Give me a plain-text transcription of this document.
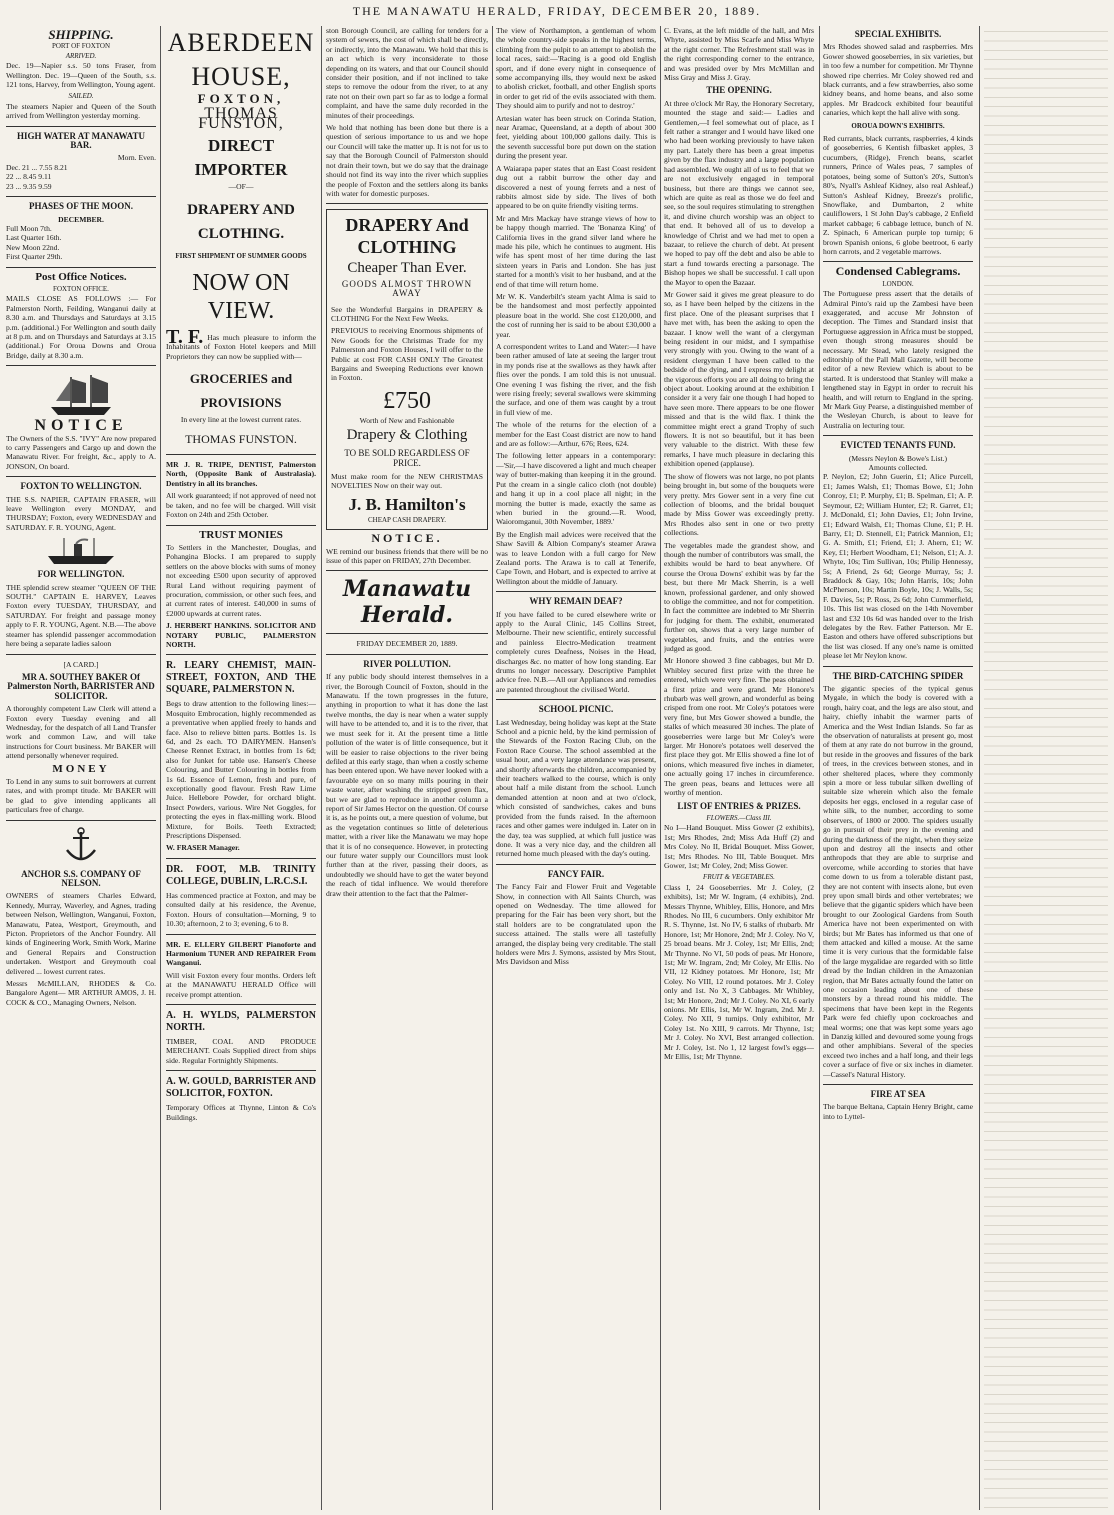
THE MANAWATU HERALD, FRIDAY, DECEMBER 20, 1889.
SHIPPING.
PORT OF FOXTON
ARRIVED.

Dec. 19—Napier s.s. 50 tons Fraser, from Wellington. Dec. 19—Queen of the South, s.s. 121 tons, Harvey, from Wellington, Young agent.

SAILED.

The steamers Napier and Queen of the South arrived from Wellington yesterday morning.

HIGH WATER AT MANAWATU BAR.
Morn. Even.
Dec. 21 ... 7.55 8.21
22 ... 8.45 9.11
23 ... 9.35 9.59
PHASES OF THE MOON.
DECEMBER.
Full Moon 7th.
Last Quarter 16th.
New Moon 22nd.
First Quarter 29th.
Post Office Notices.
FOXTON OFFICE.

MAILS CLOSE AS FOLLOWS :— For Palmerston North, Feilding, Wanganui daily at 8.30 a.m. and Thursdays and Saturdays at 3.15 p.m. (additional.) For Wellington and south daily at 8 p.m. and on Thursdays and Saturdays at 3.15 (additional.) For Oroua Downs and Oroua Bridge, daily at 8.30 a.m.

NOTICE

The Owners of the S.S. "IVY" Are now prepared to carry Passengers and Cargo up and down the Manawatu River. For freight, &c., apply to A. JONSON, On board.

FOXTON TO WELLINGTON.

THE S.S. NAPIER, CAPTAIN FRASER, will leave Wellington every MONDAY, and THURSDAY; Foxton, every WEDNESDAY and SATURDAY. F. R. YOUNG, Agent.

FOR WELLINGTON.

THE splendid screw steamer "QUEEN OF THE SOUTH." CAPTAIN E. HARVEY, Leaves Foxton every TUESDAY, THURSDAY, and SATURDAY. For freight and passage money apply to F. R. YOUNG, Agent. N.B.—The above steamer has splendid passenger accommodation here being a separate ladies saloon

[A CARD.]
MR A. SOUTHEY BAKER Of Palmerston North, BARRISTER AND SOLICITOR.

A thoroughly competent Law Clerk will attend a Foxton every Tuesday evening and all Wednesday, for the despatch of all Land Transfer work and common Law, and will take instructions for Court business. Mr BAKER will attend personally whenever required.

MONEY

To Lend in any sums to suit borrowers at current rates, and with prompt titude. Mr BAKER will be glad to give intending applicants all particulars free of charge.

ANCHOR S.S. COMPANY OF NELSON.

OWNERS of steamers Charles Edward, Kennedy, Murray, Waverley, and Agnes, trading between Nelson, Wellington, Wanganui, Foxton, Manawatu, Patea, Westport, Greymouth, and Picton. Proprietors of the Anchor Foundry. All kinds of Engineering Work, Smith Work, Marine and General Repairs and Construction undertaken. Westport and Greymouth coal delivered ... lowest current rates.

Messrs McMILLAN, RHODES & Co. Bangalore Agent— MR ARTHUR AMOS, J. H. COCK & CO., Managing Owners, Nelson.

ABERDEEN HOUSE,
FOXTON,
THOMAS FUNSTON,
DIRECT IMPORTER
—OF—
DRAPERY AND CLOTHING.
FIRST SHIPMENT OF SUMMER GOODS
NOW ON VIEW.
T. F. Has much pleasure to inform the Inhabitants of Foxton Hotel keepers and Mill Proprietors they can now be supplied with—

GROCERIES and PROVISIONS
In every line at the lowest current rates.
THOMAS FUNSTON.

MR J. R. TRIPE, DENTIST, Palmerston North, (Opposite Bank of Australasia). Dentistry in all its branches.

All work guaranteed; if not approved of need not be taken, and no fee will be charged. Will visit Foxton on 24th and 25th October.

TRUST MONIES

To Settlers in the Manchester, Douglas, and Pohangina Blocks. I am prepared to supply settlers on the above blocks with sums of money not exceeding £500 upon security of approved Rural Land without requiring payment of procuration, commission, or other such fees, and at current rates of interest. £40,000 in sums of £2000 upwards at current rates.

J. HERBERT HANKINS. SOLICITOR AND NOTARY PUBLIC, PALMERSTON NORTH.

R. LEARY CHEMIST, MAIN-STREET, FOXTON, AND THE SQUARE, PALMERSTON N.

Begs to draw attention to the following lines:— Mosquito Embrocation, highly recommended as a preventative when applied freely to hands and face. Also to relieve bitten parts. Bottles 1s. 1s 6d, and 2s each. TO DAIRYMEN. Hansen's Cheese Rennet Extract, in bottles from 1s 6d; also for Junket for table use. Hansen's Cheese Colouring, and Butter Colouring in bottles from 1s 6d. Essence of Lemon, fresh and pure, of exceptionally good flavour. Fresh Raw Lime Juice. Hellebore Powder, for orchard blight. Insect Powders, various. Wire Net Goggles, for protecting the eyes in flax-milling work. Blood Mixture, for Boils. Teeth Extracted; Prescriptions Dispensed.

W. FRASER Manager.

DR. FOOT, M.B. TRINITY COLLEGE, DUBLIN, L.R.C.S.I.

Has commenced practice at Foxton, and may be consulted daily at his residence, the Avenue, Foxton. Hours of consultation—Morning, 9 to 10.30; afternoon, 2 to 3; evening, 6 to 8.

MR. E. ELLERY GILBERT Pianoforte and Harmonium TUNER AND REPAIRER From Wanganui.

Will visit Foxton every four months. Orders left at the MANAWATU HERALD Office will receive prompt attention.

A. H. WYLDS, PALMERSTON NORTH.

TIMBER, COAL AND PRODUCE MERCHANT. Coals Supplied direct from ships side. Regular Fortnightly Shipments.

A. W. GOULD, BARRISTER AND SOLICITOR, FOXTON.

Temporary Offices at Thynne, Linton & Co's Buildings.

ston Borough Council, are calling for tenders for a system of sewers, the cost of which shall be directly, or indirectly, into the Manawatu. We hold that this is an act which is very inconsiderate to those depending on its waters, and that our Council should consider their position, and if not inclined to take steps to remove the odour from the river, to at any rate not on their own part so far as to lodge a formal complaint, and have the same duly recorded in the minutes of their proceedings.

We hold that nothing has been done but there is a question of serious importance to us and we hope our Council will take the matter up. It is not for us to say that the Borough Council of Palmerston should not drain their town, but we do say that the drainage should not find its way into the river which supplies the people of Foxton and the settlers along its banks with water for domestic purposes.

DRAPERY And CLOTHING
Cheaper Than Ever.
GOODS ALMOST THROWN AWAY

See the Wonderful Bargains in DRAPERY & CLOTHING For the Next Few Weeks.

PREVIOUS to receiving Enormous shipments of New Goods for the Christmas Trade for my Palmerston and Foxton Houses, I will offer to the Public at cost FOR CASH ONLY The Greatest Bargains and Sweeping Reductions ever known in Foxton.

£750
Worth of New and Fashionable
Drapery & Clothing
TO BE SOLD REGARDLESS OF PRICE.

Must make room for the NEW CHRISTMAS NOVELTIES Now on their way out.

J. B. Hamilton's
CHEAP CASH DRAPERY.
NOTICE.

WE remind our business friends that there will be no issue of this paper on FRIDAY, 27th December.

Manawatu Herald.
FRIDAY DECEMBER 20, 1889.
RIVER POLLUTION.

If any public body should interest themselves in a river, the Borough Council of Foxton, should in the Manawatu. If the town progresses in the future, anything in proportion to what it has done the last twelve months, the day is near when a water supply will have to be attended to, and it is to the river, that we must seek for it. At the present time a little pollution of the water is of little consequence, but it will be easier to raise objections to the river being defiled at this early stage, than when a costly scheme has been entered upon. We have never looked with a favourable eye on so many mills pouring in their waste water, after washing the stripped green flax, but we are glad to reproduce in another column a report of Sir James Hector on the question. Of course it is, as he points out, a mere question of volume, but as the vegetation continues so little of deleterious matter, with a river like the Manawatu we may hope that it is of no consequence. However, in protecting our future water supply our Councillors must look further than at the river, passing their doors, as undoubtedly we should have to get the water beyond the reach of tidal influence. We would therefore draw their attention to the fact that the Palmer-

The view of Northampton, a gentleman of whom the whole country-side speaks in the highest terms, climbing from the pulpit to an attempt to abolish the local races, said:—'Racing is a good old English sport, and if done every night in consequence of some accompanying ills, they would next be asked to abolish cricket, football, and other English sports in order to get rid of the evils associated with them. They should aim to purify and not to destroy.'

Artesian water has been struck on Corinda Station, near Aramac, Queensland, at a depth of about 300 feet, yielding about 100,000 gallons daily. This is the seventh successful bore put down on the station during the present year.

A Waiarapa paper states that an East Coast resident dug out a rabbit burrow the other day and discovered a nest of young ferrets and a nest of rabbits almost side by side. The lives of both appeared to be on quite friendly visiting terms.

Mr and Mrs Mackay have strange views of how to be happy though married. The 'Bonanza King' of California lives in the grand silver land where he made his pile, which he continues to augment. His wife has spent most of her time during the last sixteen years in Paris and London. She has just started for a month's visit to her husband, and at the end of that time will return home.

Mr W. K. Vanderbilt's steam yacht Alma is said to be the handsomest and most perfectly appointed pleasure boat in the world. She cost £120,000, and the cost of running her is said to be about £30,000 a year.

A correspondent writes to Land and Water:—I have been rather amused of late at seeing the larger trout in my ponds rise at the swallows as they hawk after flies over the ponds. I am told this is not unusual. One evening I was fishing the river, and the fish were rising freely; several swallows were skimming the surface, and one of them was caught by a trout in full view of me.

The whole of the returns for the election of a member for the East Coast district are now to hand and are as follow:—Arthur, 676; Rees, 624.

The following letter appears in a contemporary:—'Sir,—I have discovered a light and much cheaper way of butter-making than keeping it in the ground. Put the cream in a single calico cloth (not double) and hang it up in a cool place all night; in the morning the butter is made, exactly the same as when buried in the ground.—R. Wood, Waioromganui, 30th November, 1889.'

By the English mail advices were received that the Shaw Savill & Albion Company's steamer Arawa was to leave London with a full cargo for New Zealand ports. The Arawa is to call at Tenerife, Cape Town, and Hobart, and is expected to arrive at Wellington about the middle of January.

WHY REMAIN DEAF?

If you have failed to be cured elsewhere write or apply to the Aural Clinic, 145 Collins Street, Melbourne. Their new scientific, entirely successful and painless Electro-Medication treatment completely cures Deafness, Noises in the Head, discharges &c. no matter of how long standing. Ear drums no longer necessary. Descriptive Pamphlet advice free. N.B.—All our Appliances and remedies are patented throughout the civilised World.

SCHOOL PICNIC.

Last Wednesday, being holiday was kept at the State School and a picnic held, by the kind permission of the Stewards of the Foxton Racing Club, on the Foxton Race Course. The school assembled at the usual hour, and a very large attendance was present, and shortly afterwards the children, accompanied by their teachers walked to the course, which is only about half a mile distant from the school. Lunch demanded attention at noon and at two o'clock, which consisted of sandwiches, cakes and buns provided from the funds raised. In the afternoon races and other games were indulged in. Later on in the day, tea was supplied, at which full justice was done. It was a very nice day, and the children all returned home much pleased with the day's outing.

FANCY FAIR.

The Fancy Fair and Flower Fruit and Vegetable Show, in connection with All Saints Church, was opened on Wednesday. The time allowed for preparing for the Fair has been very short, but the stall holders are to be congratulated upon the success attained. The stalls were all tastefully arranged, the display being very creditable. The stall holders were Mrs J. Symons, assisted by Mrs Stout, Mrs Davidson and Miss

C. Evans, at the left middle of the hall, and Mrs Whyte, assisted by Miss Scarfe and Miss Whyte at the right corner. The Refreshment stall was in the right corresponding corner to the entrance, and was presided over by Mrs McMillan and Miss Gray and Miss J. Gray.

THE OPENING.

At three o'clock Mr Ray, the Honorary Secretary, mounted the stage and said:— Ladies and Gentlemen,—I feel somewhat out of place, as I felt rather a stranger and I would have liked one who had been working previously to have taken my part. Lately there has been a great impetus given by the flax industry and a large population had assembled. We ought all of us to feel that we are not exclusively engaged in temporal business, but there are things we cannot see, which are quite as real as those we do feel and see, so the soul requires stimulating to strengthen it, and divine church worship was an object to that end. It behoved all of us to develop a knowledge of Christ and we had met to open a bazaar, to relieve the church of debt. At present we hoped to pay off the debt and also be able to start a fund towards erecting a parsonage. The Bishop hopes we shall be successful. I call upon the Mayor to open the Bazaar.

Mr Gower said it gives me great pleasure to do so, as I have been helped by the citizens in the first place. One of the pleasant surprises that I have met with, has been the asking to open the bazaar. I know well the want of a clergyman being resident in our midst, and I sympathise very strongly with you. Owing to the want of a resident clergyman I have been called to the bedside of the dying, and I express my delight at the vigorous efforts you are all doing to bring the object about. Looking around at the exhibition I consider it a very fair one though I had hoped to have seen more. There appears to be one flower missed and that is the wild flax. I think the committee might erect a grand Trophy of such flowers. It is not so beautiful, but it has been very valuable to the district. With these few remarks, I have much pleasure in declaring this exhibition opened (applause).

The show of flowers was not large, no pot plants being brought in, but some of the bouquets were very pretty. Mrs Gower sent in a very fine cut collection of blooms, and the bridal bouquet made by Miss Gower was exceedingly pretty. Mrs Rhodes also sent in one or two pretty collections.

The vegetables made the grandest show, and though the number of contributors was small, the exhibits would be hard to beat anywhere. Of course the Oroua Downs' exhibit was by far the best, but there Mr Mack Sherrin, is a well known, professional gardener, and only showed to oblige the committee, and not for competition. In fact the committee are indebted to Mr Sherrin for judging for them. The exhibit, enumerated further on, shows that a very large number of vegetables, and fruits, and the entries were judged as good.

Mr Honore showed 3 fine cabbages, but Mr D. Whibley secured first prize with the three he entered, which were very fine. The peas obtained a first prize and were grand. Mr Honore's rhubarb was well grown, and wonderful as being crisped from one root. Mr Coley's potatoes were very fine, but Mrs Gower showed a bundle, the stalks of which measured 30 inches. The plate of gooseberries were large but Mr Coley's were larger. Mr Honore's potatoes well deserved the first place they got. Mr Ellis showed a fine lot of onions, which measured five inches in diameter, one actually going 17 inches in circumference. The green peas, beans and lettuces were all worthy of mention.

LIST OF ENTRIES & PRIZES.
FLOWERS.—Class III.

No I—Hand Bouquet. Miss Gower (2 exhibits), 1st; Mrs Rhodes, 2nd; Miss Ada Huff (2) and Mrs Coley. No II, Bridal Bouquet. Miss Gower, 1st; Mrs Rhodes. No III, Table Bouquet. Mrs Gower, 1st; Mr Coley, 2nd; Miss Gower.

FRUIT & VEGETABLES.

Class I, 24 Gooseberries. Mr J. Coley, (2 exhibits), 1st; Mr W. Ingram, (4 exhibits), 2nd. Messrs Thynne, Whibley, Ellis, Honore, and Mrs Rhodes. No III, 6 cucumbers. Only exhibitor Mr R. S. Thynne, 1st. No IV, 6 stalks of rhubarb. Mr Honore, 1st; Mr Honore, 2nd; Mr J. Coley. No V, 25 broad beans. Mr J. Coley, 1st; Mr Ellis, 2nd; Mr Thynne. No VI, 50 pods of peas. Mr Honore, 1st; Mr W. Ingram, 2nd; Mr Coley, Mr Ellis. No VII, 12 Kidney potatoes. Mr Honore, 1st; Mr Coley. No VIII, 12 round potatoes. Mr J. Coley only and 1st. No X, 3 Cabbages. Mr Whibley, 1st; Mr Honore, 2nd; Mr J. Coley. No XI, 6 early onions. Mr Ellis, 1st, Mr W. Ingram, 2nd. Mr J. Coley. No XII, 9 turnips. Only exhibitor, Mr Coley 1st. No XIII, 9 carrots. Mr Thynne, 1st; Mr J. Coley. No XVI, Best arranged collection. Mr J. Coley, 1st. No 1, 12 largest fowl's eggs—Mr Ellis, 1st; Mr Thynne.

SPECIAL EXHIBITS.

Mrs Rhodes showed salad and raspberries. Mrs Gower showed gooseberries, in six varieties, but in too few a number for competition. Mr Thynne showed ripe cherries. Mr Coley showed red and black currants, and a few strawberries, also some kidney beans, and home beans, and also some apples. Mr Bradcock exhibited four beautiful canaries, which kept the hall alive with song.

OROUA DOWN'S EXHIBITS.

Red currants, black currants, raspberries, 4 kinds of gooseberries, 6 Kentish filbasket apples, 3 cucumbers, (Ridge), French beans, scarlet runners, Prince of Wales peas, 7 samples of potatoes, being some of Sutton's 20's, Sutton's 80's, Nyall's Ashleaf Kidney, also real Ashleaf,) Sutton's Ashleaf Kidney, Breeze's prolific, Snowflake, and Dumbarton, 2 white cauliflowers, 1 St John Day's cabbage, 2 Enfield market cabbage; 6 cabbage lettuce, bunch of N. Z. Spinach, 6 American purple top turnip; 6 brown Spanish onions, 6 globe beetroot, 6 early horn carrots, and 2 vegetable marrows.

Condensed Cablegrams.
LONDON.

The Portuguese press assert that the details of Admiral Pinto's raid up the Zambesi have been exaggerated, and accuse Mr Johnston of deception. The Times and Standard insist that Portuguese aggression in Africa must be stopped, even though strong measures should be necessary. Mr Stead, who lately resigned the editorship of the Pall Mall Gazette, will become editor of a new Review which is about to be started. It is understood that Stanley will make a lengthened stay in Egypt in order to recruit his health, and will return to England in the spring. Mr Mark Guy Pearse, a distinguished member of the Wesleyan Church, is about to leave for Australia on lecturing tour.

EVICTED TENANTS FUND.
(Messrs Neylon & Bowe's List.)
Amounts collected.

P. Neylon, £2; John Guerin, £1; Alice Purcell, £1; James Walsh, £1; Thomas Bowe, £1; John Conroy, £1; P. Murphy, £1; B. Spelman, £1; A. P. Seymour, £2; William Hunter, £2; R. Garret, £1; J. McDonald, £1; John Davies, £1; John Irvine, £1; Edward Walsh, £1; Thomas Clune, £1; P. H. Barry, £1; D. Stennell, £1; Patrick Mannion, £1; G. A. Smith, £1; Friend, £1; J. Ahern, £1; W. Key, £1; Herbert Woodham, £1; Nelson, £1; A. J. Whyte, 10s; Tim Sullivan, 10s; Philip Hennessy, 5s; A Friend, 2s 6d; George Murray, 5s; J. Braddock & Gay, 10s; John Harris, 10s; John McPherson, 10s; Martin Boyle, 10s; J. Walls, 5s; F. Davies, 5s; P. Ross, 2s 6d; John Cummerfield, 10s. This list was closed on the 14th November last and £32 10s 6d was handed over to the Irish delegates by the Rev. Father Patterson. Mr E. Easton and others have offered subscriptions but the list was closed. If any one's name is omitted please let Mr Neylon know.

THE BIRD-CATCHING SPIDER

The gigantic species of the typical genus Mygale, in which the body is covered with a rough, hairy coat, and the legs are also stout, and hairy, chiefly inhabit the warmer parts of America and the West Indian Islands. So far as the observation of naturalists at present go, most of them at any rate do not burrow in the ground, but reside in the grooves and fissures of the bark of trees, in the crevices between stones, and in other sheltered places, where they commonly spin a more or less tubular silken dwelling of suitable size wherein which also the female deposits her eggs, enclosed in a regular case of white silk, to the number, according to some observers, of 1800 or 2000. The spiders usually go in pursuit of their prey in the evening and during the darkness of the night, when they seize upon and destroy all the insects and other anthropods that they are able to surprise and overcome, while according to stories that have come down to us from a tolerable distant past, they are not content with insects alone, but even prey upon small birds and other vertebrates; we believe that the gigantic spiders which have been brought to our Zoological Gardens from South America have not been experimented on with birds; but Mr Bates has informed us that one of them attacked and killed a mouse. At the same time it is very curious that the formidable false of the large mygalidae are regarded with so little dread by the Indian children in the Amazonian region, that Mr Bates actually found the latter on one occasion leading about one of these monsters by a thread round his middle. The specimens that have been kept in the Regents Park were fed chiefly upon cockroaches and meal worms; one that was kept some years ago in Danzig killed and devoured some young frogs and other amphibians. Several of the species exceed two inches and a half long, and their legs cover a surface of five or six inches in diameter.—Cassel's Natural History.

FIRE AT SEA

The barque Beltana, Captain Henry Bright, came into to Lyttel-
